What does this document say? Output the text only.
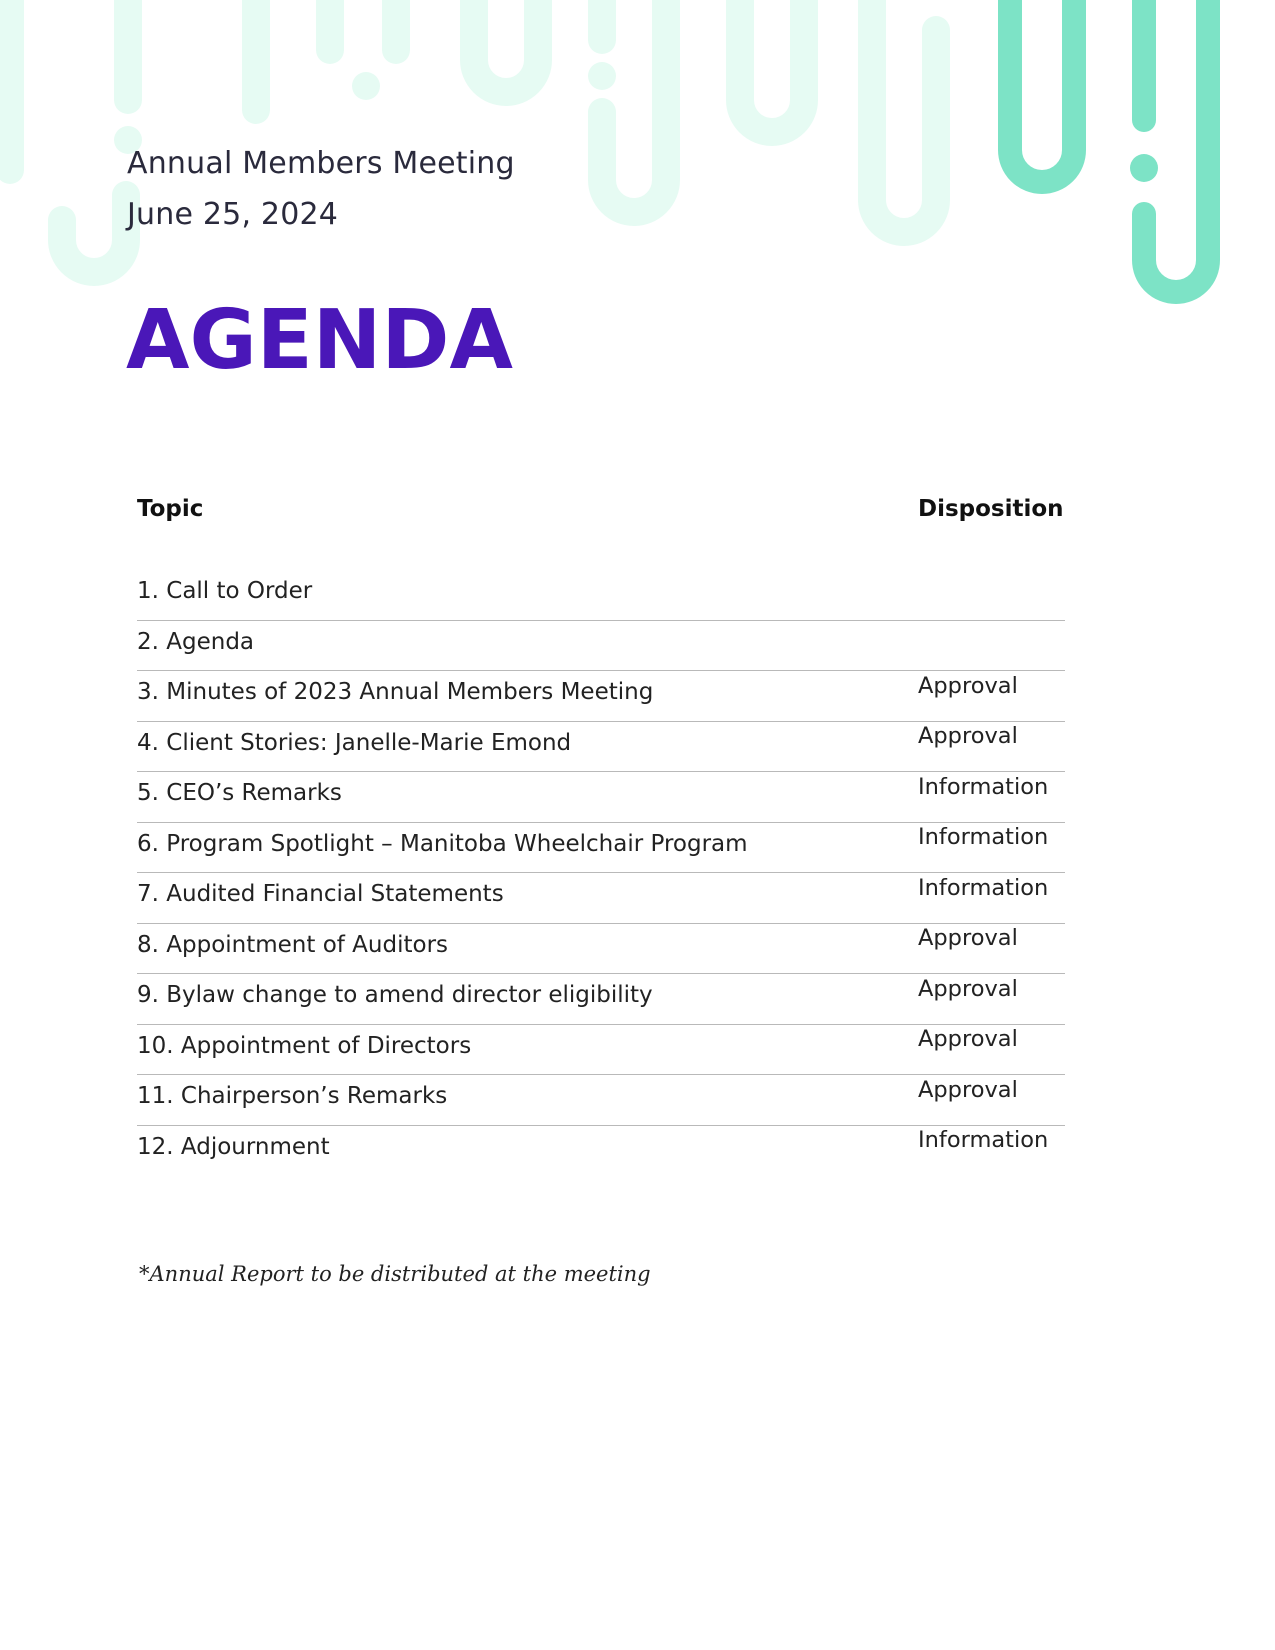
Annual Members Meeting
June 25, 2024
AGENDA
Topic	Disposition
1. Call to Order
2. Agenda
Approval
3. Minutes of 2023 Annual Members Meeting
Approval
4. Client Stories: Janelle-Marie Emond
Information
5. CEO’s Remarks
Information
6. Program Spotlight – Manitoba Wheelchair Program
Information
7. Audited Financial Statements
Approval
8. Appointment of Auditors
Approval
9. Bylaw change to amend director eligibility
Approval
10. Appointment of Directors
Approval
11. Chairperson’s Remarks
Information
12. Adjournment
*Annual Report to be distributed at the meeting
